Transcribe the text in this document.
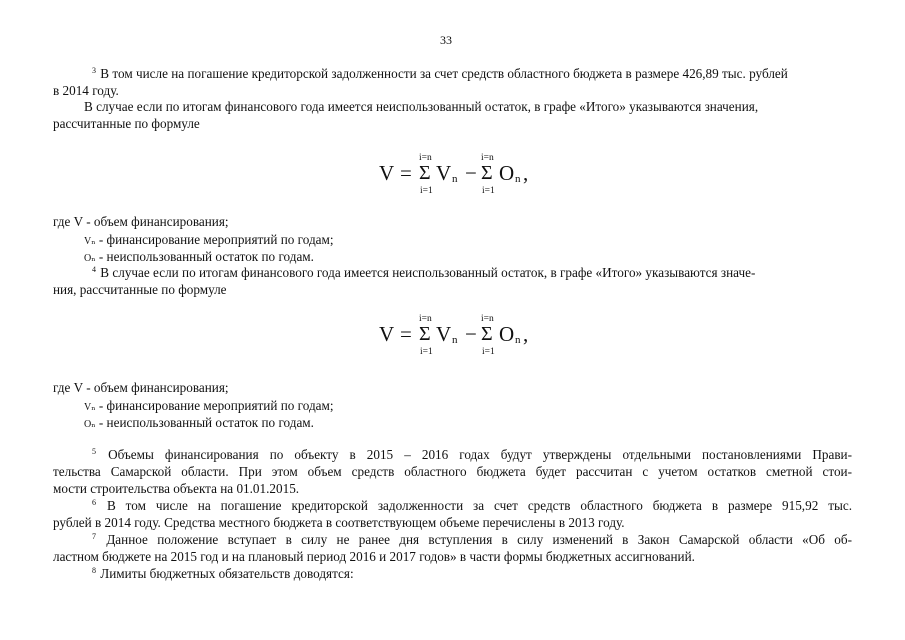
33
$^3$ В том числе на погашение кредиторской задолженности за счет средств областного бюджета в размере 426,89 тыс. рублей
в 2014 году.
В случае если по итогам финансового года имеется неиспользованный остаток, в графе «Итого» указываются значения,
рассчитанные по формуле
V =
i=n
Σ
i=1
V n −
i=n
Σ
i=1
O n ,
где V - объем финансирования;
Vₙ - финансирование мероприятий по годам;
Oₙ - неиспользованный остаток по годам.
$^4$ В случае если по итогам финансового года имеется неиспользованный остаток, в графе «Итого» указываются значе-
ния, рассчитанные по формуле
V =
i=n
Σ
i=1
V n −
i=n
Σ
i=1
O n ,
где V - объем финансирования;
Vₙ - финансирование мероприятий по годам;
Oₙ - неиспользованный остаток по годам.
$^5$ Объемы финансирования по объекту в 2015 – 2016 годах будут утверждены отдельными постановлениями Прави-
тельства Самарской области. При этом объем средств областного бюджета будет рассчитан с учетом остатков сметной стои-
мости строительства объекта на 01.01.2015.
$^6$ В том числе на погашение кредиторской задолженности за счет средств областного бюджета в размере 915,92 тыс.
рублей в 2014 году. Средства местного бюджета в соответствующем объеме перечислены в 2013 году.
$^7$ Данное положение вступает в силу не ранее дня вступления в силу изменений в Закон Самарской области «Об об-
ластном бюджете на 2015 год и на плановый период 2016 и 2017 годов» в части формы бюджетных ассигнований.
$^8$ Лимиты бюджетных обязательств доводятся:
